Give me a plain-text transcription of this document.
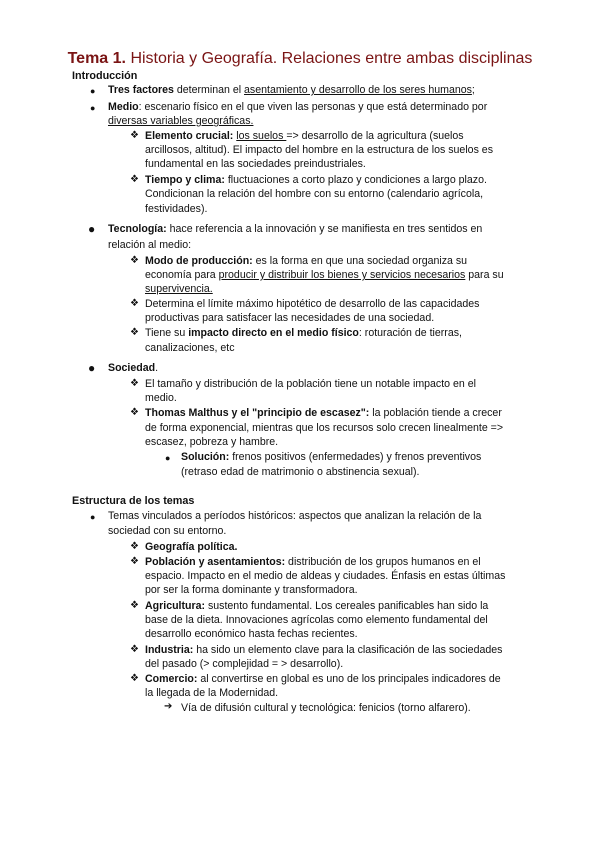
Tema 1. Historia y Geografía. Relaciones entre ambas disciplinas
Introducción
● Tres factores determinan el asentamiento y desarrollo de los seres humanos;
● Medio: escenario físico en el que viven las personas y que está determinado por
diversas variables geográficas.
❖ Elemento crucial: los suelos => desarrollo de la agricultura (suelos
arcillosos, altitud). El impacto del hombre en la estructura de los suelos es
fundamental en las sociedades preindustriales.
❖ Tiempo y clima: fluctuaciones a corto plazo y condiciones a largo plazo.
Condicionan la relación del hombre con su entorno (calendario agrícola,
festividades).
● Tecnología: hace referencia a la innovación y se manifiesta en tres sentidos en
relación al medio:
❖ Modo de producción: es la forma en que una sociedad organiza su
economía para producir y distribuir los bienes y servicios necesarios para su
supervivencia.
❖ Determina el límite máximo hipotético de desarrollo de las capacidades
productivas para satisfacer las necesidades de una sociedad.
❖ Tiene su impacto directo en el medio físico: roturación de tierras,
canalizaciones, etc
● Sociedad.
❖ El tamaño y distribución de la población tiene un notable impacto en el
medio.
❖ Thomas Malthus y el "principio de escasez": la población tiende a crecer
de forma exponencial, mientras que los recursos solo crecen linealmente =>
escasez, pobreza y hambre.
● Solución: frenos positivos (enfermedades) y frenos preventivos
(retraso edad de matrimonio o abstinencia sexual).
Estructura de los temas
● Temas vinculados a períodos históricos: aspectos que analizan la relación de la
sociedad con su entorno.
❖ Geografía política.
❖ Población y asentamientos: distribución de los grupos humanos en el
espacio. Impacto en el medio de aldeas y ciudades. Énfasis en estas últimas
por ser la forma dominante y transformadora.
❖ Agricultura: sustento fundamental. Los cereales panificables han sido la
base de la dieta. Innovaciones agrícolas como elemento fundamental del
desarrollo económico hasta fechas recientes.
❖ Industria: ha sido un elemento clave para la clasificación de las sociedades
del pasado (> complejidad = > desarrollo).
❖ Comercio: al convertirse en global es uno de los principales indicadores de
la llegada de la Modernidad.
➔ Vía de difusión cultural y tecnológica: fenicios (torno alfarero).
